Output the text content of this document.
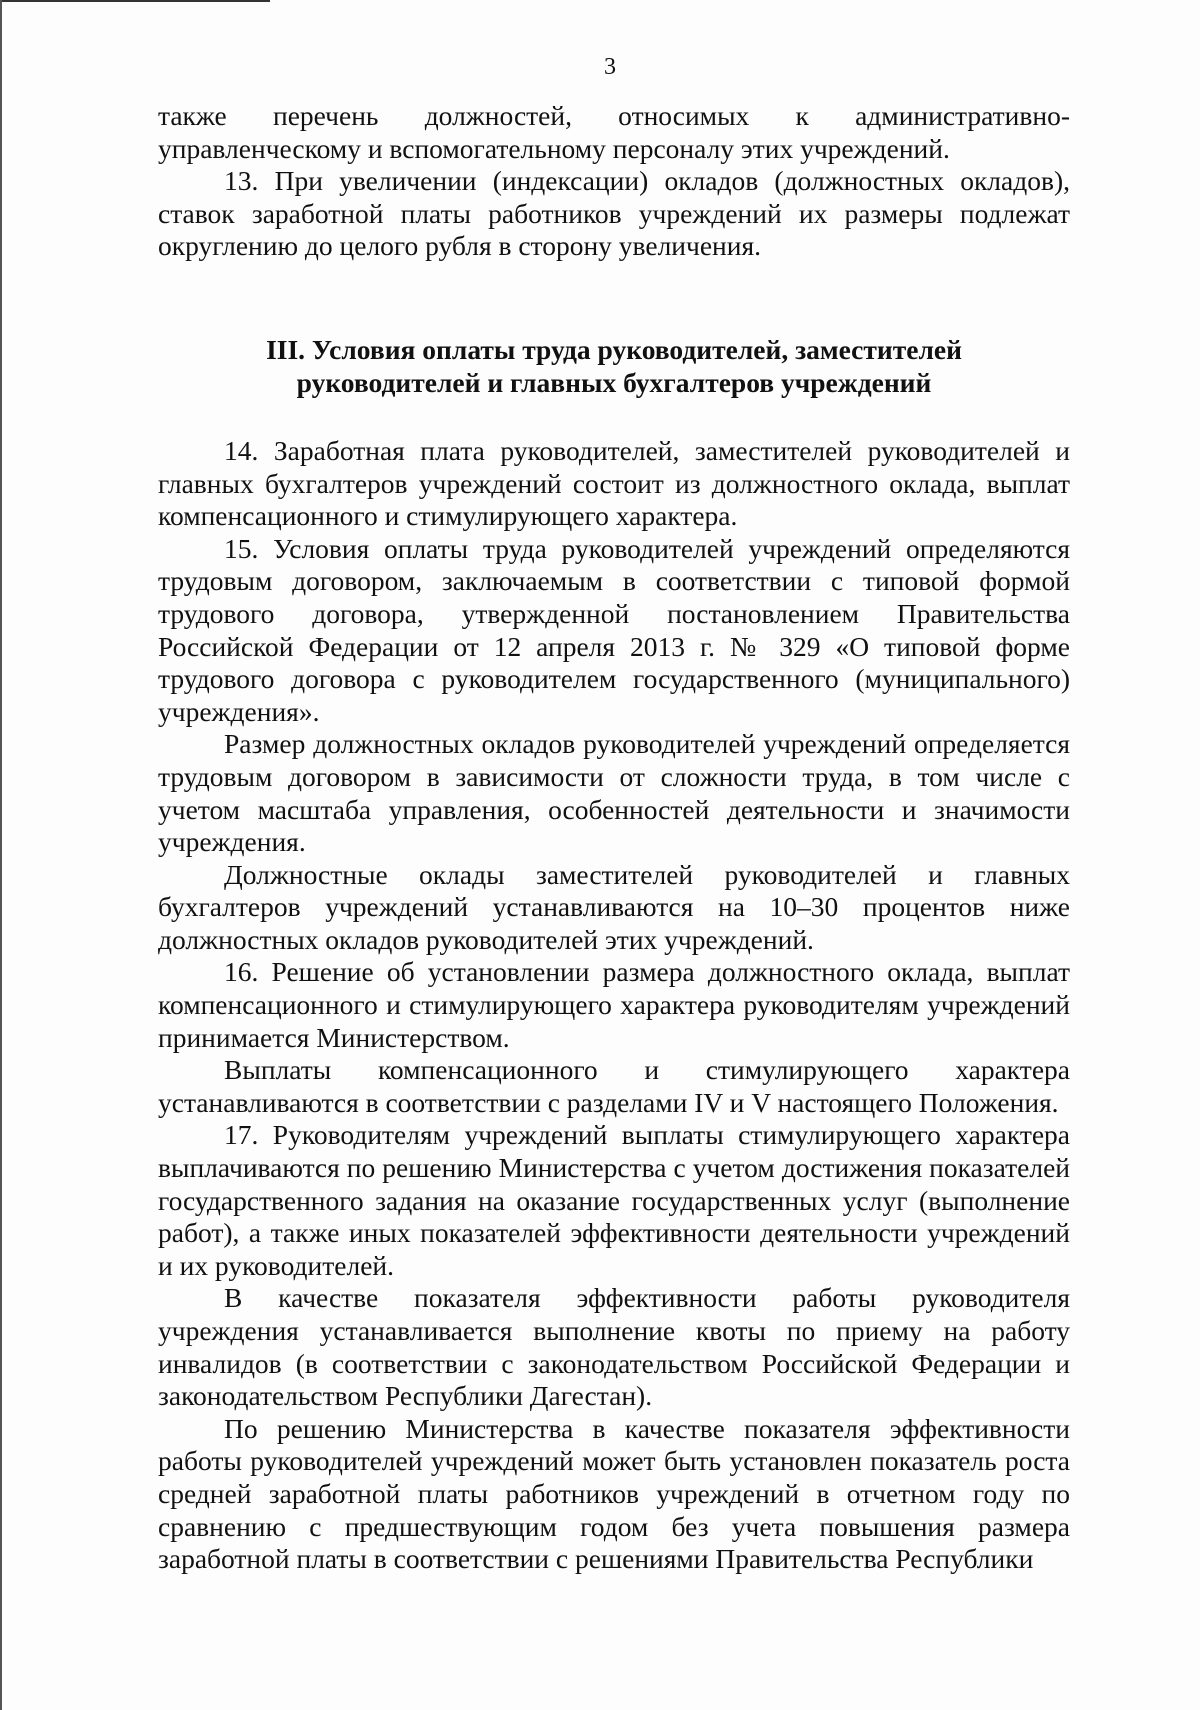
3

также перечень должностей, относимых к административно-управленческому и вспомогательному персоналу этих учреждений.

13. При увеличении (индексации) окладов (должностных окладов), ставок заработной платы работников учреждений их размеры подлежат округлению до целого рубля в сторону увеличения.

III. Условия оплаты труда руководителей, заместителей
руководителей и главных бухгалтеров учреждений

14. Заработная плата руководителей, заместителей руководителей и главных бухгалтеров учреждений состоит из должностного оклада, выплат компенсационного и стимулирующего характера.

15. Условия оплаты труда руководителей учреждений определяются трудовым договором, заключаемым в соответствии с типовой формой трудового договора, утвержденной постановлением Правительства Российской Федерации от 12 апреля 2013 г. № 329 «О типовой форме трудового договора с руководителем государственного (муниципального) учреждения».

Размер должностных окладов руководителей учреждений определяется трудовым договором в зависимости от сложности труда, в том числе с учетом масштаба управления, особенностей деятельности и значимости учреждения.

Должностные оклады заместителей руководителей и главных бухгалтеров учреждений устанавливаются на 10–30 процентов ниже должностных окладов руководителей этих учреждений.

16. Решение об установлении размера должностного оклада, выплат компенсационного и стимулирующего характера руководителям учреждений принимается Министерством.

Выплаты компенсационного и стимулирующего характера устанавливаются в соответствии с разделами IV и V настоящего Положения.

17. Руководителям учреждений выплаты стимулирующего характера выплачиваются по решению Министерства с учетом достижения показателей государственного задания на оказание государственных услуг (выполнение работ), а также иных показателей эффективности деятельности учреждений и их руководителей.

В качестве показателя эффективности работы руководителя учреждения устанавливается выполнение квоты по приему на работу инвалидов (в соответствии с законодательством Российской Федерации и законодательством Республики Дагестан).

По решению Министерства в качестве показателя эффективности работы руководителей учреждений может быть установлен показатель роста средней заработной платы работников учреждений в отчетном году по сравнению с предшествующим годом без учета повышения размера заработной платы в соответствии с решениями Правительства Республики
